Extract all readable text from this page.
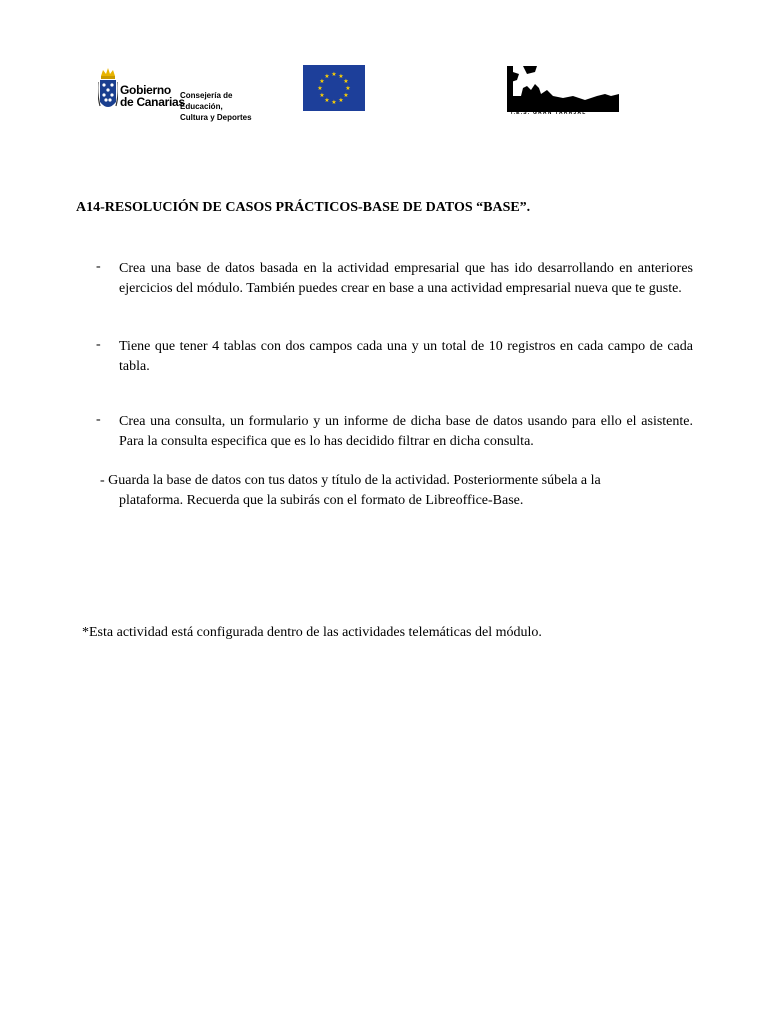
Gobierno
de Canarias
Consejería de Educación,
Cultura y Deportes
★ ★
★
★
★
★
★
★
★
★
★
★
I.E.S. GRAN TARAJAL
A14-RESOLUCIÓN DE CASOS PRÁCTICOS-BASE DE DATOS “BASE”.
- Crea una base de datos basada en la actividad empresarial que has ido desarrollando en anteriores ejercicios del módulo. También puedes crear en base a una actividad empresarial nueva que te guste.
- Tiene que tener 4 tablas con dos campos cada una y un total de 10 registros en cada campo de cada tabla.
- Crea una consulta, un formulario y un informe de dicha base de datos usando para ello el asistente. Para la consulta especifica que es lo has decidido filtrar en dicha consulta.
- Guarda la base de datos con tus datos y título de la actividad. Posteriormente súbela a la
plataforma. Recuerda que la subirás con el formato de Libreoffice-Base.
*Esta actividad está configurada dentro de las actividades telemáticas del módulo.
